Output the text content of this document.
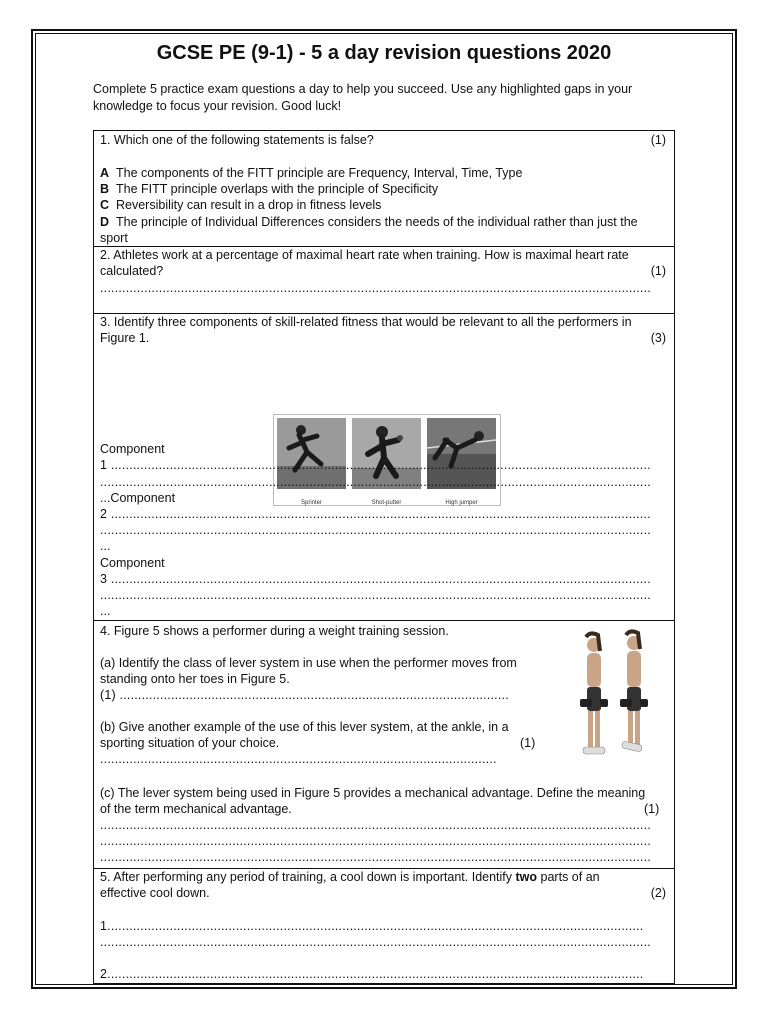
GCSE PE (9-1) - 5 a day revision questions 2020
Complete 5 practice exam questions a day to help you succeed. Use any highlighted gaps in your knowledge to focus your revision. Good luck!
1. Which one of the following statements is false?	(1)
A The components of the FITT principle are Frequency, Interval, Time, Type
B The FITT principle overlaps with the principle of Specificity
C Reversibility can result in a drop in fitness levels
D The principle of Individual Differences considers the needs of the individual rather than just the
sport
2. Athletes work at a percentage of maximal heart rate when training. How is maximal heart rate
calculated?	(1)
......................................................................................................................................................
3. Identify three components of skill-related fitness that would be relevant to all the performers in
Figure 1.	(3)
Sprinter	Shot-putter	High jumper
Component
1 ...................................................................................................................................................
......................................................................................................................................................
...Component
2 ...................................................................................................................................................
......................................................................................................................................................
...
Component
3 ...................................................................................................................................................
......................................................................................................................................................
...
4. Figure 5 shows a performer during a weight training session.
(a) Identify the class of lever system in use when the performer moves from
standing onto her toes in Figure 5.
(1) ..........................................................................................................
(b) Give another example of the use of this lever system, at the ankle, in a
sporting situation of your choice.	(1)
............................................................................................................
(c) The lever system being used in Figure 5 provides a mechanical advantage. Define the meaning
of the term mechanical advantage.	(1)
......................................................................................................................................................
......................................................................................................................................................
......................................................................................................................................................
5. After performing any period of training, a cool down is important. Identify two parts of an
effective cool down.	(2)
1..................................................................................................................................................
......................................................................................................................................................
2..................................................................................................................................................
